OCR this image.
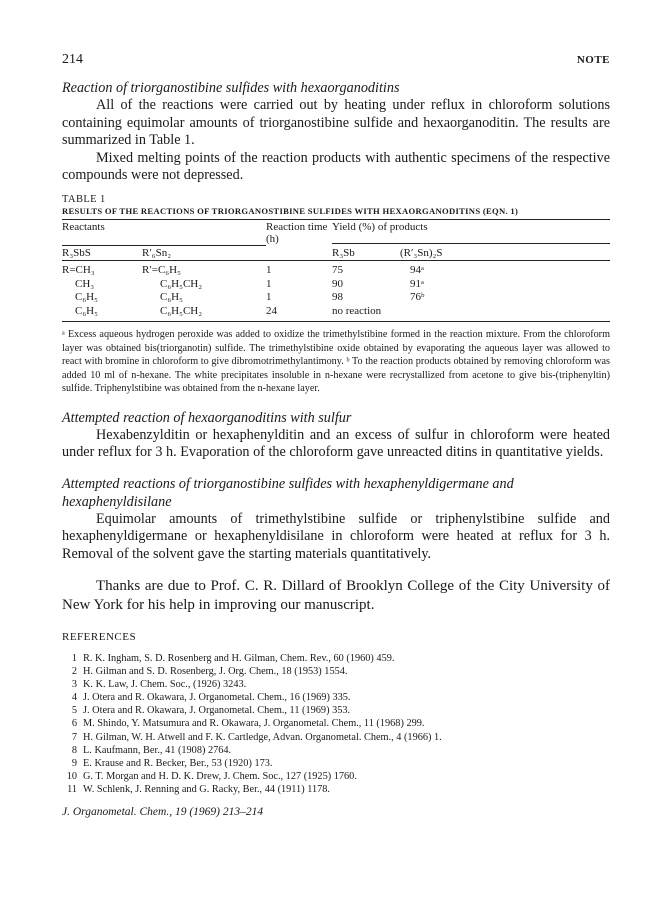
214	NOTE
Reaction of triorganostibine sulfides with hexaorganoditins

All of the reactions were carried out by heating under reflux in chloroform solutions containing equimolar amounts of triorganostibine sulfide and hexaorganoditin. The results are summarized in Table 1.

Mixed melting points of the reaction products with authentic specimens of the respective compounds were not depressed.

TABLE 1
RESULTS OF THE REACTIONS OF TRIORGANOSTIBINE SULFIDES WITH HEXAORGANODITINS (EQN. 1)
Reactants		Reaction time (h)	Yield (%) of products	

R₃SbS	R′₆Sn₂		R₃Sb	(R′₃Sn)₂S
R=CH₃	R′=C₆H₅	1	75	94ᵃ
CH₃	C₆H₅CH₂	1	90	91ᵃ
C₆H₅	C₆H₅	1	98	76ᵇ
C₆H₅	C₆H₅CH₂	24	no reaction	
ᵃ Excess aqueous hydrogen peroxide was added to oxidize the trimethylstibine formed in the reaction mixture. From the chloroform layer was obtained bis(triorganotin) sulfide. The trimethylstibine oxide obtained by evaporating the aqueous layer was allowed to react with bromine in chloroform to give dibromotrimethylantimony. ᵇ To the reaction products obtained by removing chloroform was added 10 ml of n-hexane. The white precipitates insoluble in n-hexane were recrystallized from acetone to give bis-(triphenyltin) sulfide. Triphenylstibine was obtained from the n-hexane layer.
Attempted reaction of hexaorganoditins with sulfur

Hexabenzylditin or hexaphenylditin and an excess of sulfur in chloroform were heated under reflux for 3 h. Evaporation of the chloroform gave unreacted ditins in quantitative yields.

Attempted reactions of triorganostibine sulfides with hexaphenyldigermane and hexaphenyldisilane

Equimolar amounts of trimethylstibine sulfide or triphenylstibine sulfide and hexaphenyldigermane or hexaphenyldisilane in chloroform were heated at reflux for 3 h. Removal of the solvent gave the starting materials quantitatively.

Thanks are due to Prof. C. R. Dillard of Brooklyn College of the City University of New York for his help in improving our manuscript.

REFERENCES
1 R. K. Ingham, S. D. Rosenberg and H. Gilman, Chem. Rev., 60 (1960) 459.
2 H. Gilman and S. D. Rosenberg, J. Org. Chem., 18 (1953) 1554.
3 K. K. Law, J. Chem. Soc., (1926) 3243.
4 J. Otera and R. Okawara, J. Organometal. Chem., 16 (1969) 335.
5 J. Otera and R. Okawara, J. Organometal. Chem., 11 (1969) 353.
6 M. Shindo, Y. Matsumura and R. Okawara, J. Organometal. Chem., 11 (1968) 299.
7 H. Gilman, W. H. Atwell and F. K. Cartledge, Advan. Organometal. Chem., 4 (1966) 1.
8 L. Kaufmann, Ber., 41 (1908) 2764.
9 E. Krause and R. Becker, Ber., 53 (1920) 173.
10 G. T. Morgan and H. D. K. Drew, J. Chem. Soc., 127 (1925) 1760.
11 W. Schlenk, J. Renning and G. Racky, Ber., 44 (1911) 1178.
J. Organometal. Chem., 19 (1969) 213–214
